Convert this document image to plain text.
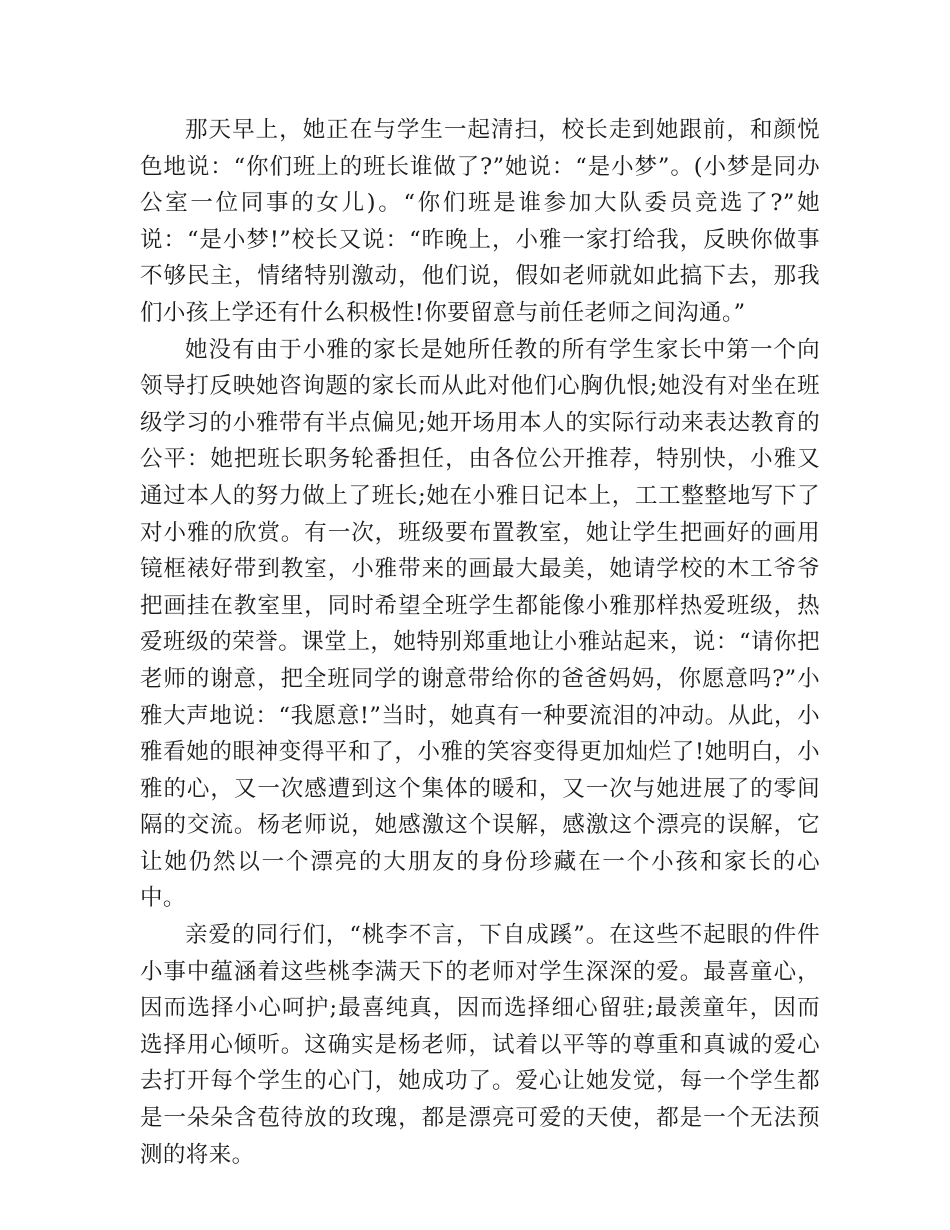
那天早上，她正在与学生一起清扫，校长走到她跟前，和颜悦色地说：“你们班上的班长谁做了?”她说：“是小梦”。(小梦是同办公室一位同事的女儿)。“你们班是谁参加大队委员竞选了?”她说：“是小梦!”校长又说：“昨晚上，小雅一家打给我，反映你做事不够民主，情绪特别激动，他们说，假如老师就如此搞下去，那我们小孩上学还有什么积极性!你要留意与前任老师之间沟通。”

她没有由于小雅的家长是她所任教的所有学生家长中第一个向领导打反映她咨询题的家长而从此对他们心胸仇恨;她没有对坐在班级学习的小雅带有半点偏见;她开场用本人的实际行动来表达教育的公平：她把班长职务轮番担任，由各位公开推荐，特别快，小雅又通过本人的努力做上了班长;她在小雅日记本上，工工整整地写下了对小雅的欣赏。有一次，班级要布置教室，她让学生把画好的画用镜框裱好带到教室，小雅带来的画最大最美，她请学校的木工爷爷把画挂在教室里，同时希望全班学生都能像小雅那样热爱班级，热爱班级的荣誉。课堂上，她特别郑重地让小雅站起来，说：“请你把老师的谢意，把全班同学的谢意带给你的爸爸妈妈，你愿意吗?”小雅大声地说：“我愿意!”当时，她真有一种要流泪的冲动。从此，小雅看她的眼神变得平和了，小雅的笑容变得更加灿烂了!她明白，小雅的心，又一次感遭到这个集体的暖和，又一次与她进展了的零间隔的交流。杨老师说，她感激这个误解，感激这个漂亮的误解，它让她仍然以一个漂亮的大朋友的身份珍藏在一个小孩和家长的心中。

亲爱的同行们，“桃李不言，下自成蹊”。在这些不起眼的件件小事中蕴涵着这些桃李满天下的老师对学生深深的爱。最喜童心，因而选择小心呵护;最喜纯真，因而选择细心留驻;最羡童年，因而选择用心倾听。这确实是杨老师，试着以平等的尊重和真诚的爱心去打开每个学生的心门，她成功了。爱心让她发觉，每一个学生都是一朵朵含苞待放的玫瑰，都是漂亮可爱的天使，都是一个无法预测的将来。
